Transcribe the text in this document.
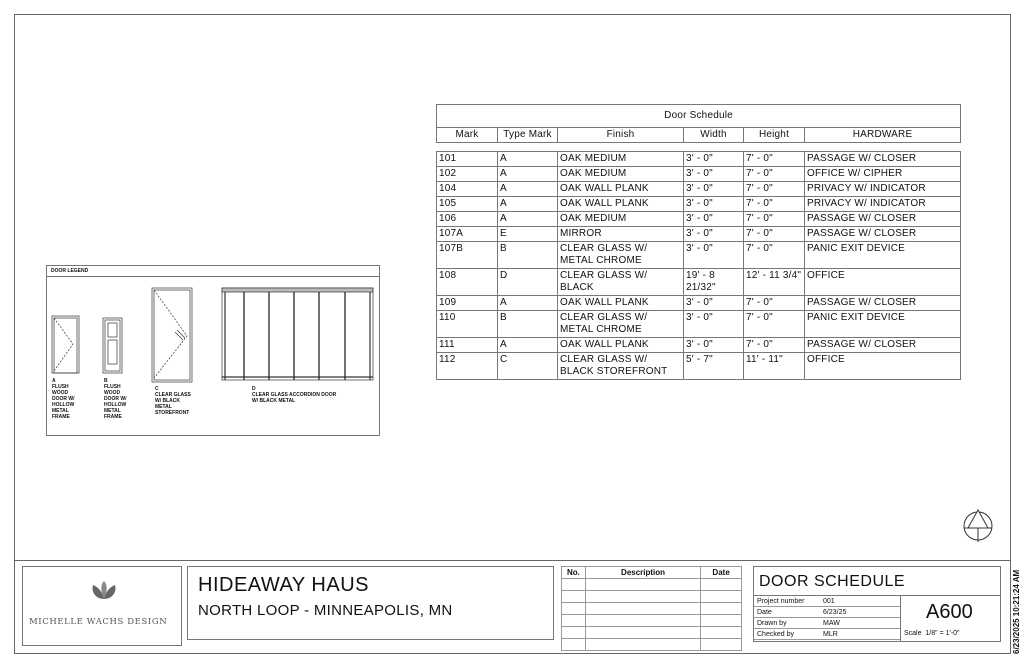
Door Schedule					
Mark	Type Mark	Finish	Width	Height	HARDWARE

101	A	OAK MEDIUM	3' - 0"	7' - 0"	PASSAGE W/ CLOSER
102	A	OAK MEDIUM	3' - 0"	7' - 0"	OFFICE W/ CIPHER
104	A	OAK WALL PLANK	3' - 0"	7' - 0"	PRIVACY W/ INDICATOR
105	A	OAK WALL PLANK	3' - 0"	7' - 0"	PRIVACY W/ INDICATOR
106	A	OAK MEDIUM	3' - 0"	7' - 0"	PASSAGE W/ CLOSER
107A	E	MIRROR	3' - 0"	7' - 0"	PASSAGE W/ CLOSER
107B	B	CLEAR GLASS W/ METAL CHROME	3' - 0"	7' - 0"	PANIC EXIT DEVICE
108	D	CLEAR GLASS W/ BLACK	19' - 8 21/32"	12' - 11 3/4"	OFFICE
109	A	OAK WALL PLANK	3' - 0"	7' - 0"	PASSAGE W/ CLOSER
110	B	CLEAR GLASS W/ METAL CHROME	3' - 0"	7' - 0"	PANIC EXIT DEVICE
111	A	OAK WALL PLANK	3' - 0"	7' - 0"	PASSAGE W/ CLOSER
112	C	CLEAR GLASS W/ BLACK STOREFRONT	5' - 7"	11' - 11"	OFFICE
DOOR LEGEND
A
FLUSH
WOOD
DOOR W/
HOLLOW
METAL
FRAME
B
FLUSH
WOOD
DOOR W/
HOLLOW
METAL
FRAME
C
CLEAR GLASS
W/ BLACK
METAL
STOREFRONT
D
CLEAR GLASS ACCORDION DOOR
W/ BLACK METAL
MICHELLE WACHS DESIGN
HIDEAWAY HAUS
NORTH LOOP - MINNEAPOLIS, MN
No.	Description	Date

DOOR SCHEDULE
Project number	001
Date	6/23/25
Drawn by	MAW
Checked by	MLR
A600
Scale 1/8" = 1'-0"	6/23/2025 10:21:24 AM
